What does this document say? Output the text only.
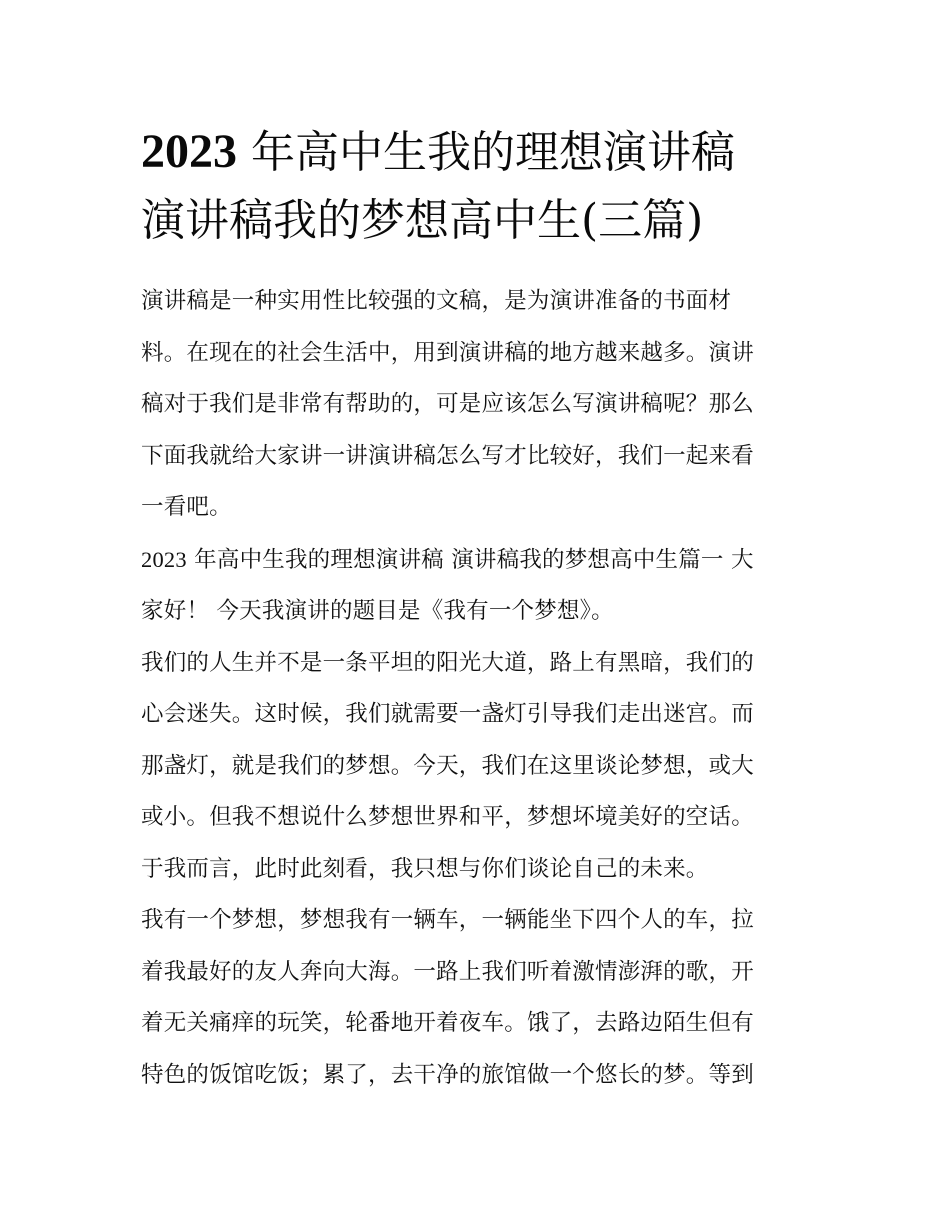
2023 年高中生我的理想演讲稿
演讲稿我的梦想高中生(三篇)

演讲稿是一种实用性比较强的文稿，是为演讲准备的书面材
料。在现在的社会生活中，用到演讲稿的地方越来越多。演讲
稿对于我们是非常有帮助的，可是应该怎么写演讲稿呢？那么
下面我就给大家讲一讲演讲稿怎么写才比较好，我们一起来看
一看吧。

2023 年高中生我的理想演讲稿 演讲稿我的梦想高中生篇一 大
家好！ 今天我演讲的题目是《我有一个梦想》。

我们的人生并不是一条平坦的阳光大道，路上有黑暗，我们的
心会迷失。这时候，我们就需要一盏灯引导我们走出迷宫。而
那盏灯，就是我们的梦想。今天，我们在这里谈论梦想，或大
或小。但我不想说什么梦想世界和平，梦想坏境美好的空话。
于我而言，此时此刻看，我只想与你们谈论自己的未来。

我有一个梦想，梦想我有一辆车，一辆能坐下四个人的车，拉
着我最好的友人奔向大海。一路上我们听着激情澎湃的歌，开
着无关痛痒的玩笑，轮番地开着夜车。饿了，去路边陌生但有
特色的饭馆吃饭；累了，去干净的旅馆做一个悠长的梦。等到
